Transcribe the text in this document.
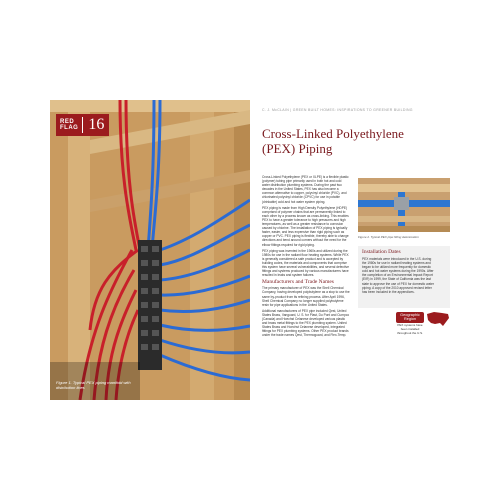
RED
FLAG 16
Figure 1. Typical PEX piping manifold with distribution lines
C. J. McCLAIN | GREEN BUILT HOMES: INSPIRATIONS TO GREENER BUILDING
Cross-Linked Polyethylene (PEX) Piping

Cross-Linked Polyethylene (PEX or XLPE) is a flexible plastic (polymer) tubing pipe primarily used in both hot and cold water distribution plumbing systems. During the past two decades in the United States, PEX has also become a common alternative to copper, polyvinyl chloride (PVC), and chlorinated polyvinyl chloride (CPVC) for use in potable (drinkable) cold and hot water system piping.

PEX piping is made from High Density Polyethylene (HDPE) comprised of polymer chains that are permanently linked to each other by a process known as cross-linking. This enables PEX to have a greater tolerance to high pressures and high temperatures, as well as a greater resistance to corrosion caused by chlorine. The installation of PEX piping is typically faster, easier, and less expensive than rigid piping such as copper or PVC. PEX piping is flexible, thereby able to change directions and bend around corners without the need for the elbow fittings required for rigid piping.

PEX piping was invented in the 1960s and utilized during the 1980s for use in the radiant floor heating systems. While PEX is generally considered a safe product and is accepted by building codes, the materials and components that comprise this system have several vulnerabilities, and several defective fittings and systems produced by various manufacturers have resulted in leaks and system failures.

Manufacturers and Trade Names

The primary manufacturer of PEX was the Shell Chemical Company, having developed polybutylene as a stop to use the same by-product from its refining process. After April 1996, Shell Chemical Company no longer supplied polybutylene resin for pipe applications in the United States.

Additional manufacturers of PEX pipe included Qest, United States Brass, Vanguard, U. S. for Plast, Du Pont and Cumpco (Canada) and Hoechst Celanese developed various plastic and brass metal fittings to the PEX plumbing system. United States Brass and Hoechst Celanese developed, integrated fittings for PEX plumbing systems. Other PEX product brands under the trade names Qest, Thermoguard, and Flex-Temp.

Figure 2. Typical PEX pipe fitting deterioration
Installation Dates

PEX materials were introduced in the U.S. during the 1980s for use in radiant heating systems and began to be utilized more frequently for domestic cold and hot water systems during the 1990s. After the completion of an Environmental Impact Report (EIR) in 1999, the State of California was the last state to approve the use of PEX for domestic water piping. A copy of the 2010 approved revised letter has been included in the appendices.

Geographic Region
PEX systems have been installed throughout the U.S.
